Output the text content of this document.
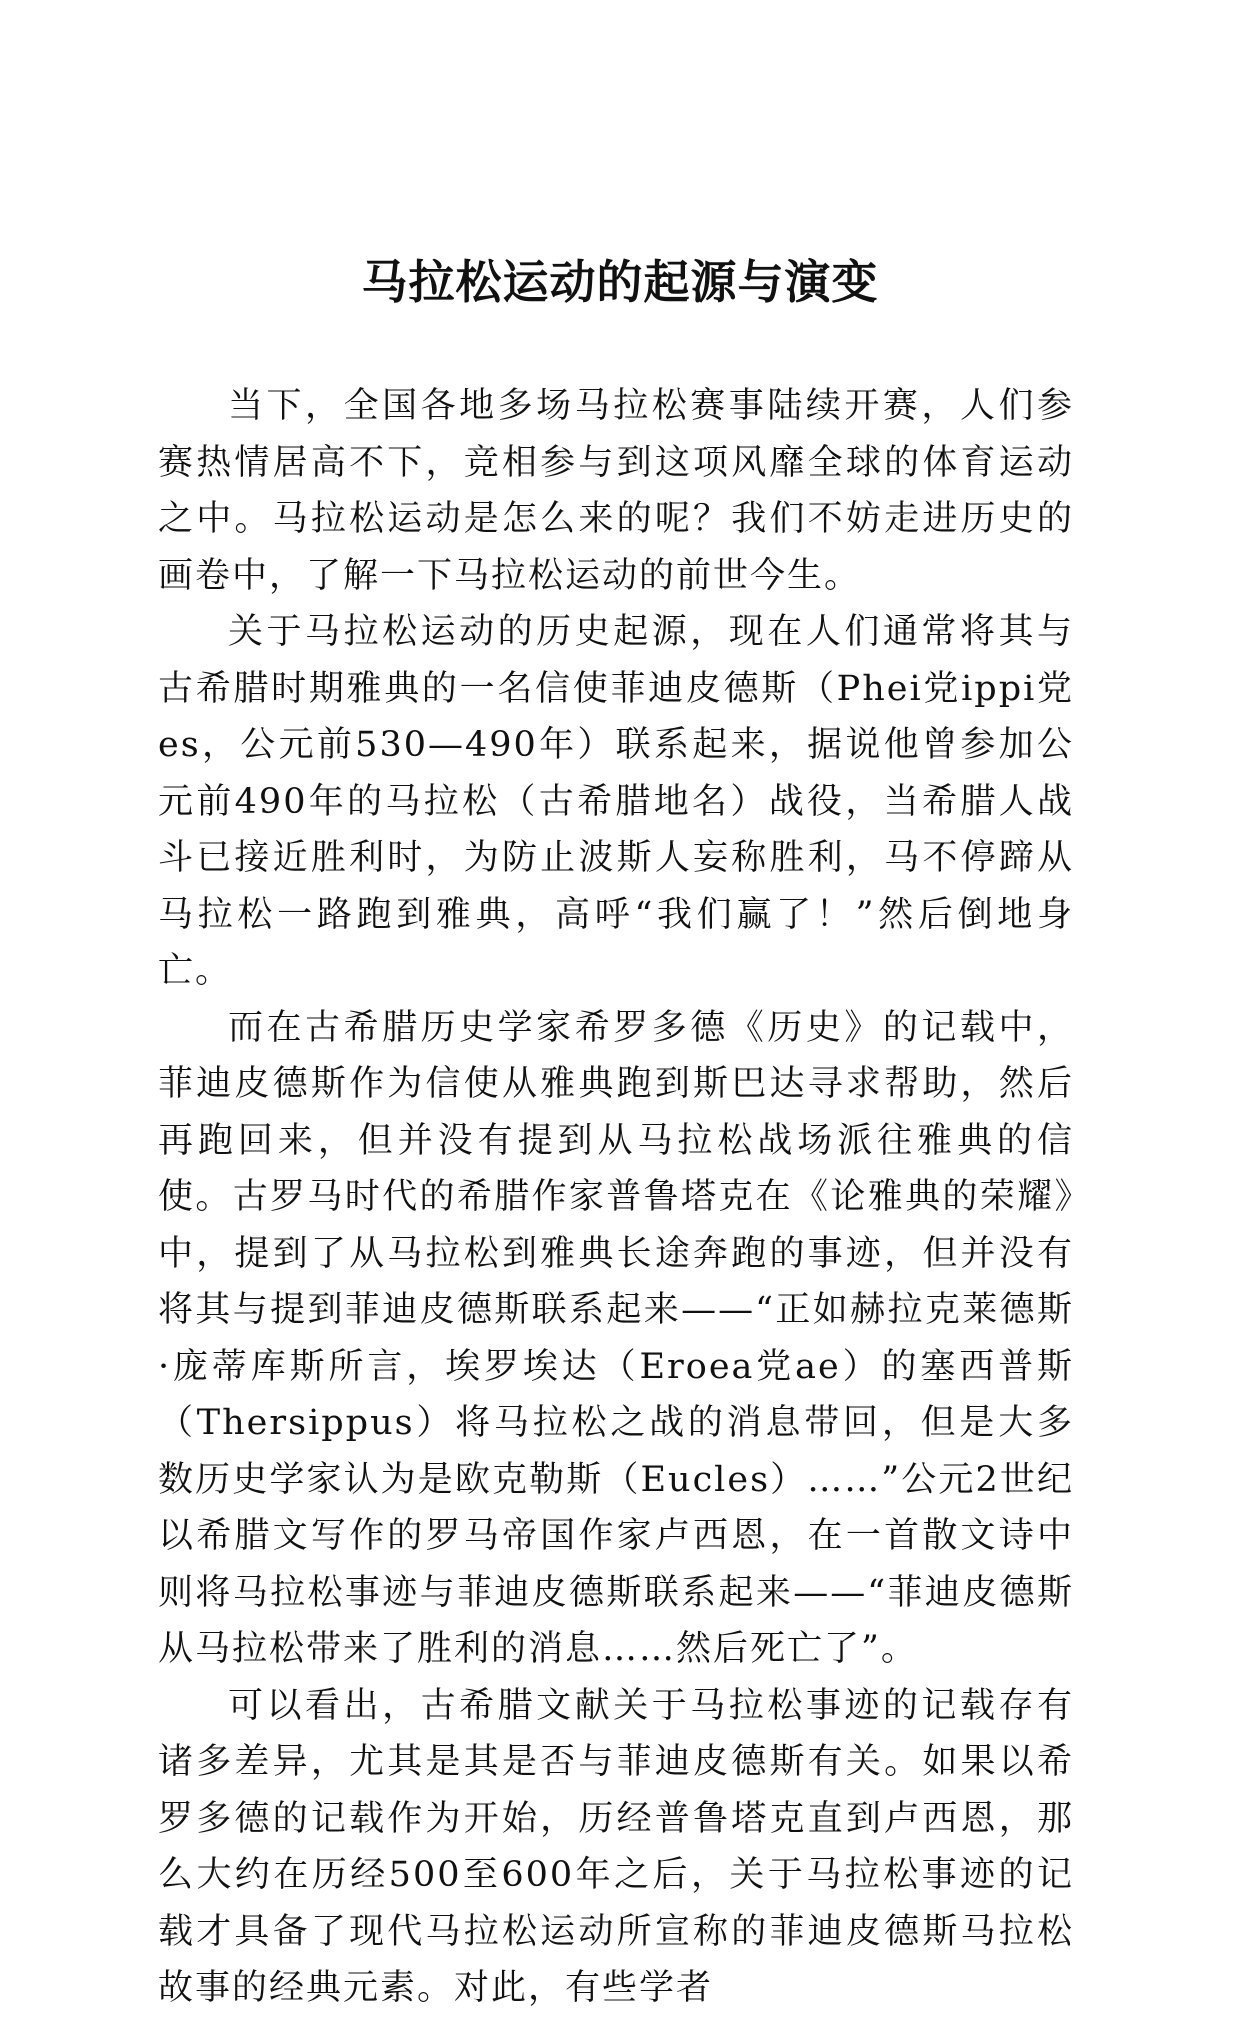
马拉松运动的起源与演变

当下，全国各地多场马拉松赛事陆续开赛，人们参赛热情居高不下，竞相参与到这项风靡全球的体育运动之中。马拉松运动是怎么来的呢？我们不妨走进历史的画卷中，了解一下马拉松运动的前世今生。

关于马拉松运动的历史起源，现在人们通常将其与古希腊时期雅典的一名信使菲迪皮德斯（Phei党ippi党es，公元前530—490年）联系起来，据说他曾参加公元前490年的马拉松（古希腊地名）战役，当希腊人战斗已接近胜利时，为防止波斯人妄称胜利，马不停蹄从马拉松一路跑到雅典，高呼“我们赢了！”然后倒地身亡。

而在古希腊历史学家希罗多德《历史》的记载中，菲迪皮德斯作为信使从雅典跑到斯巴达寻求帮助，然后再跑回来，但并没有提到从马拉松战场派往雅典的信使。古罗马时代的希腊作家普鲁塔克在《论雅典的荣耀》中，提到了从马拉松到雅典长途奔跑的事迹，但并没有将其与提到菲迪皮德斯联系起来——“正如赫拉克莱德斯·庞蒂库斯所言，埃罗埃达（Eroea党ae）的塞西普斯（Thersippus）将马拉松之战的消息带回，但是大多数历史学家认为是欧克勒斯（Eucles）……”公元2世纪以希腊文写作的罗马帝国作家卢西恩，在一首散文诗中则将马拉松事迹与菲迪皮德斯联系起来——“菲迪皮德斯从马拉松带来了胜利的消息……然后死亡了”。

可以看出，古希腊文献关于马拉松事迹的记载存有诸多差异，尤其是其是否与菲迪皮德斯有关。如果以希罗多德的记载作为开始，历经普鲁塔克直到卢西恩，那么大约在历经500至600年之后，关于马拉松事迹的记载才具备了现代马拉松运动所宣称的菲迪皮德斯马拉松故事的经典元素。对此，有些学者
